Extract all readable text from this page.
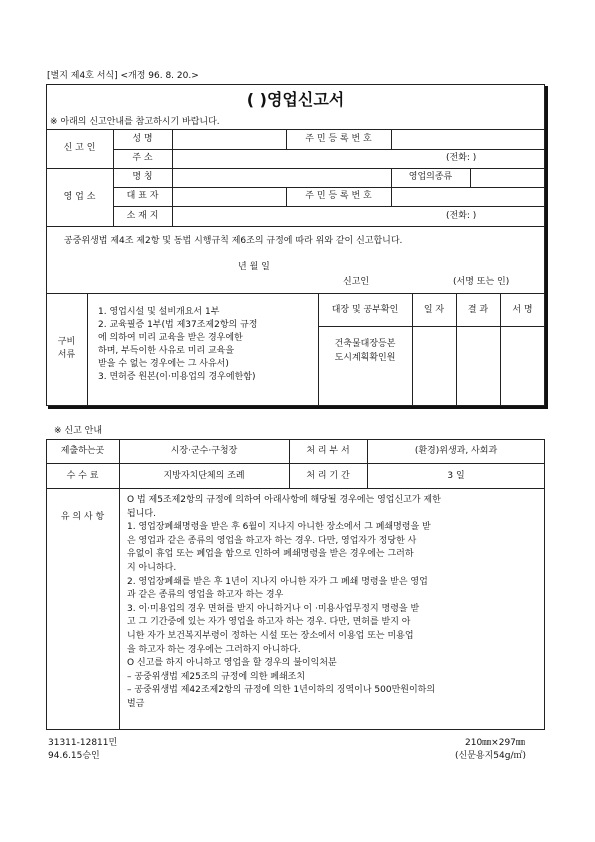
[별지 제4호 서식] <개정 96. 8. 20.>
( )영업신고서
※ 아래의 신고안내를 참고하시기 바랍니다.
신 고 인
성 명	주 민 등 록 번 호
주 소	(전화: )
영 업 소
명 칭	영업의종류
대 표 자	주 민 등 록 번 호
소 재 지	(전화: )
공중위생법 제4조 제2항 및 동법 시행규칙 제6조의 규정에 따라 위와 같이 신고합니다.
년 월 일
신고인	(서명 또는 인)
구비
서류
1. 영업시설 및 설비개요서 1부
2. 교육필증 1부(법 제37조제2항의 규정
에 의하여 미리 교육을 받은 경우에한
하며, 부득이한 사유로 미리 교육을
받을 수 없는 경우에는 그 사유서)
3. 면허증 원본(이·미용업의 경우에한함)
대장 및 공부확인	일 자	결 과	서 명
건축물대장등본
도시계획확인원
※ 신고 안내
제출하는곳	시장·군수·구청장	처 리 부 서	(환경)위생과, 사회과
수 수 료	지방자치단체의 조례	처 리 기 간	3 일
유 의 사 항
O 법 제5조제2항의 규정에 의하여 아래사항에 해당될 경우에는 영업신고가 제한
됩니다.
1. 영업장폐쇄명령을 받은 후 6월이 지나지 아니한 장소에서 그 폐쇄명령을 받
은 영업과 같은 종류의 영업을 하고자 하는 경우. 다만, 영업자가 정당한 사
유없이 휴업 또는 폐업을 함으로 인하여 폐쇄명령을 받은 경우에는 그러하
지 아니하다.
2. 영업장폐쇄를 받은 후 1년이 지나지 아니한 자가 그 폐쇄 명령을 받은 영업
과 같은 종류의 영업을 하고자 하는 경우
3. 이·미용업의 경우 면허를 받지 아니하거나 이 ·미용사업무정지 명령을 받
고 그 기간중에 있는 자가 영업을 하고자 하는 경우. 다만, 면허를 받지 아
니한 자가 보건복지부령이 정하는 시설 또는 장소에서 이용업 또는 미용업
을 하고자 하는 경우에는 그러하지 아니하다.
O 신고를 하지 아니하고 영업을 할 경우의 불이익처분
– 공중위생법 제25조의 규정에 의한 폐쇄조치
– 공중위생법 제42조제2항의 규정에 의한 1년이하의 징역이나 500만원이하의
벌금
31311-12811민
94.6.15승인
210㎜×297㎜
(신문용지54g/㎡)
